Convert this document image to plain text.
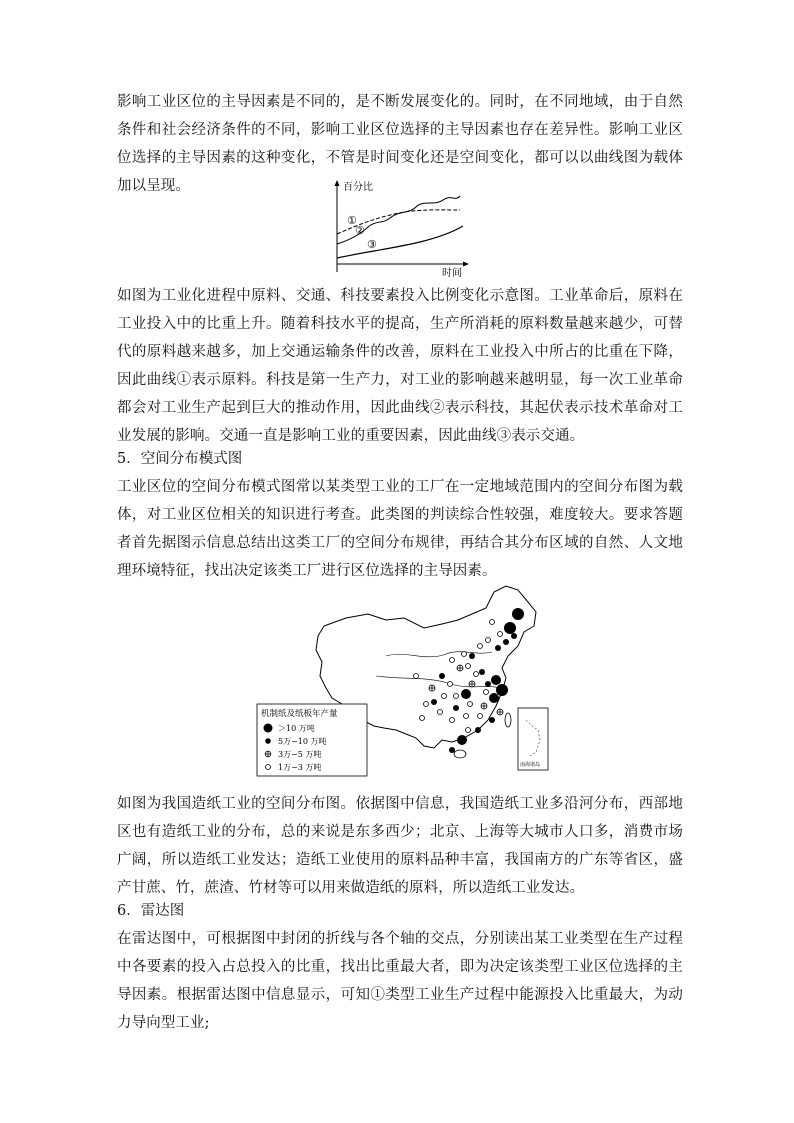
影响工业区位的主导因素是不同的，是不断发展变化的。同时，在不同地域，由于自然条件和社会经济条件的不同，影响工业区位选择的主导因素也存在差异性。影响工业区位选择的主导因素的这种变化，不管是时间变化还是空间变化，都可以以曲线图为载体加以呈现。	百分比
时间
①
②
③

如图为工业化进程中原料、交通、科技要素投入比例变化示意图。工业革命后，原料在工业投入中的比重上升。随着科技水平的提高，生产所消耗的原料数量越来越少，可替代的原料越来越多，加上交通运输条件的改善，原料在工业投入中所占的比重在下降，因此曲线①表示原料。科技是第一生产力，对工业的影响越来越明显，每一次工业革命都会对工业生产起到巨大的推动作用，因此曲线②表示科技，其起伏表示技术革命对工业发展的影响。交通一直是影响工业的重要因素，因此曲线③表示交通。

5．空间分布模式图

工业区位的空间分布模式图常以某类型工业的工厂在一定地域范围内的空间分布图为载体，对工业区位相关的知识进行考查。此类图的判读综合性较强，难度较大。要求答题者首先据图示信息总结出这类工厂的空间分布规律，再结合其分布区域的自然、人文地理环境特征，找出决定该类工厂进行区位选择的主导因素。

南海诸岛
机制纸及纸板年产量
＞10 万吨
5万~10 万吨
3万~5 万吨
1万~3 万吨

如图为我国造纸工业的空间分布图。依据图中信息，我国造纸工业多沿河分布，西部地区也有造纸工业的分布，总的来说是东多西少；北京、上海等大城市人口多，消费市场广阔，所以造纸工业发达；造纸工业使用的原料品种丰富，我国南方的广东等省区，盛产甘蔗、竹，蔗渣、竹材等可以用来做造纸的原料，所以造纸工业发达。

6．雷达图

在雷达图中，可根据图中封闭的折线与各个轴的交点，分别读出某工业类型在生产过程中各要素的投入占总投入的比重，找出比重最大者，即为决定该类型工业区位选择的主导因素。根据雷达图中信息显示，可知①类型工业生产过程中能源投入比重最大，为动力导向型工业;
